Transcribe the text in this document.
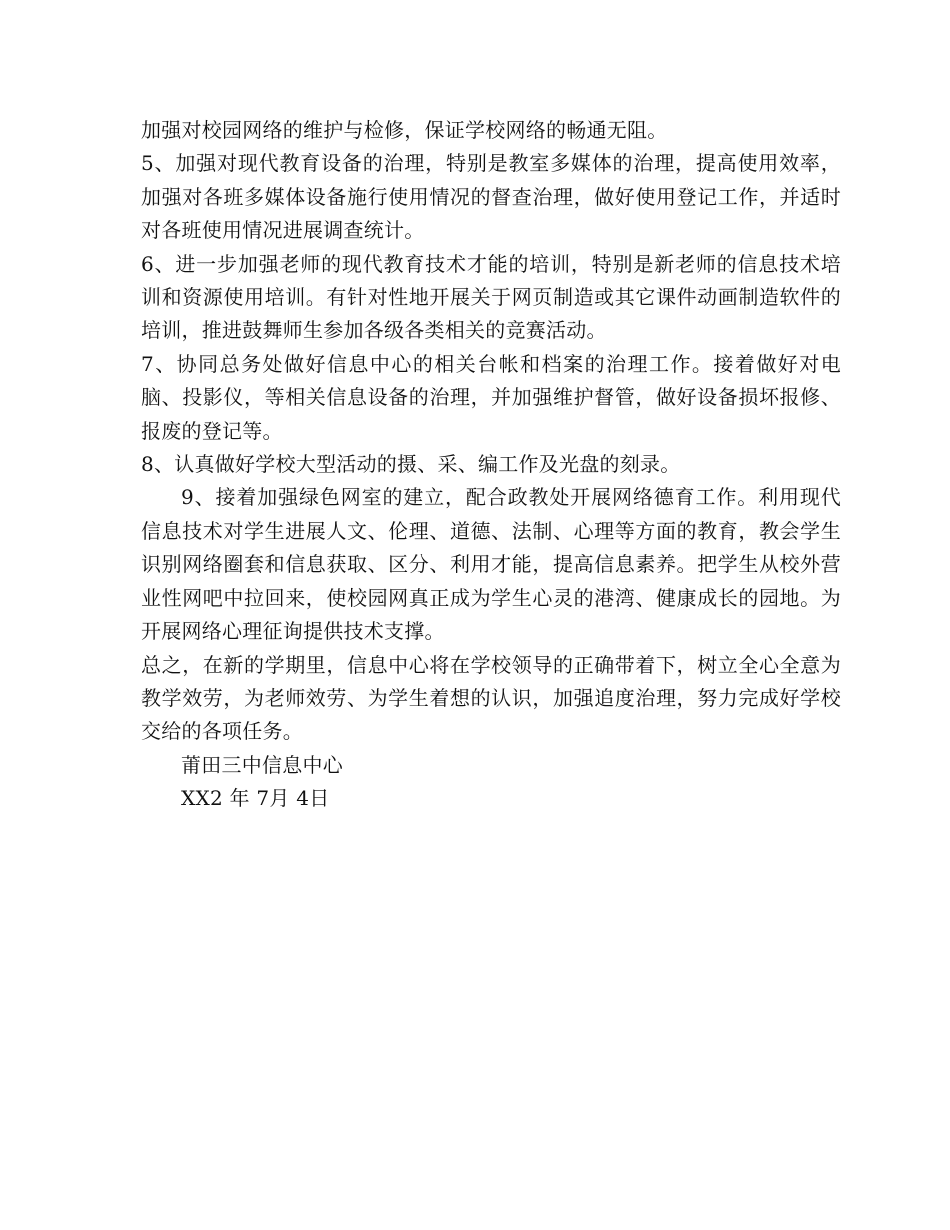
加强对校园网络的维护与检修，保证学校网络的畅通无阻。

5、加强对现代教育设备的治理，特别是教室多媒体的治理，提高使用效率，加强对各班多媒体设备施行使用情况的督查治理，做好使用登记工作，并适时对各班使用情况进展调查统计。

6、进一步加强老师的现代教育技术才能的培训，特别是新老师的信息技术培训和资源使用培训。有针对性地开展关于网页制造或其它课件动画制造软件的培训，推进鼓舞师生参加各级各类相关的竞赛活动。

7、协同总务处做好信息中心的相关台帐和档案的治理工作。接着做好对电脑、投影仪，等相关信息设备的治理，并加强维护督管，做好设备损坏报修、报废的登记等。

8、认真做好学校大型活动的摄、采、编工作及光盘的刻录。

9、接着加强绿色网室的建立，配合政教处开展网络德育工作。利用现代信息技术对学生进展人文、伦理、道德、法制、心理等方面的教育，教会学生识别网络圈套和信息获取、区分、利用才能，提高信息素养。把学生从校外营业性网吧中拉回来，使校园网真正成为学生心灵的港湾、健康成长的园地。为开展网络心理征询提供技术支撑。

总之，在新的学期里，信息中心将在学校领导的正确带着下，树立全心全意为教学效劳，为老师效劳、为学生着想的认识，加强追度治理，努力完成好学校交给的各项任务。

莆田三中信息中心

XX2 年 7月 4日
